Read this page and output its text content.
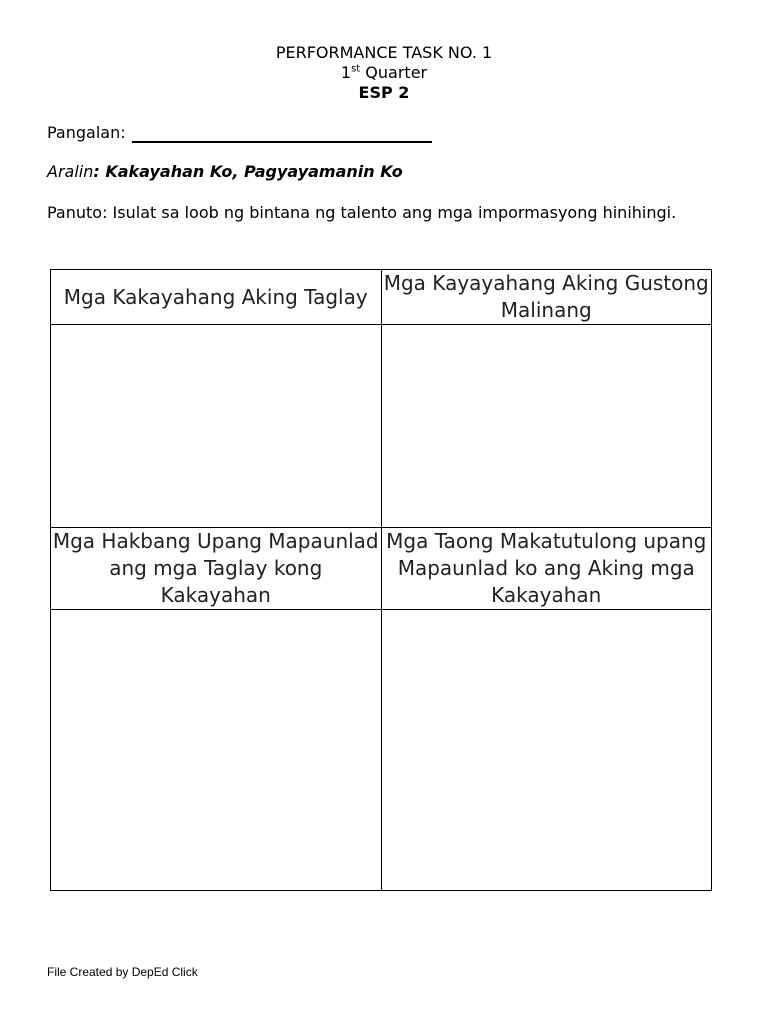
PERFORMANCE TASK NO. 1
1st Quarter
ESP 2
Pangalan:
Aralin: Kakayahan Ko, Pagyayamanin Ko
Panuto: Isulat sa loob ng bintana ng talento ang mga impormasyong hinihingi.
Mga Kakayahang Aking Taglay	Mga Kayayahang Aking Gustong Malinang

Mga Hakbang Upang Mapaunlad ang mga Taglay kong Kakayahan	Mga Taong Makatutulong upang Mapaunlad ko ang Aking mga Kakayahan

File Created by DepEd Click
